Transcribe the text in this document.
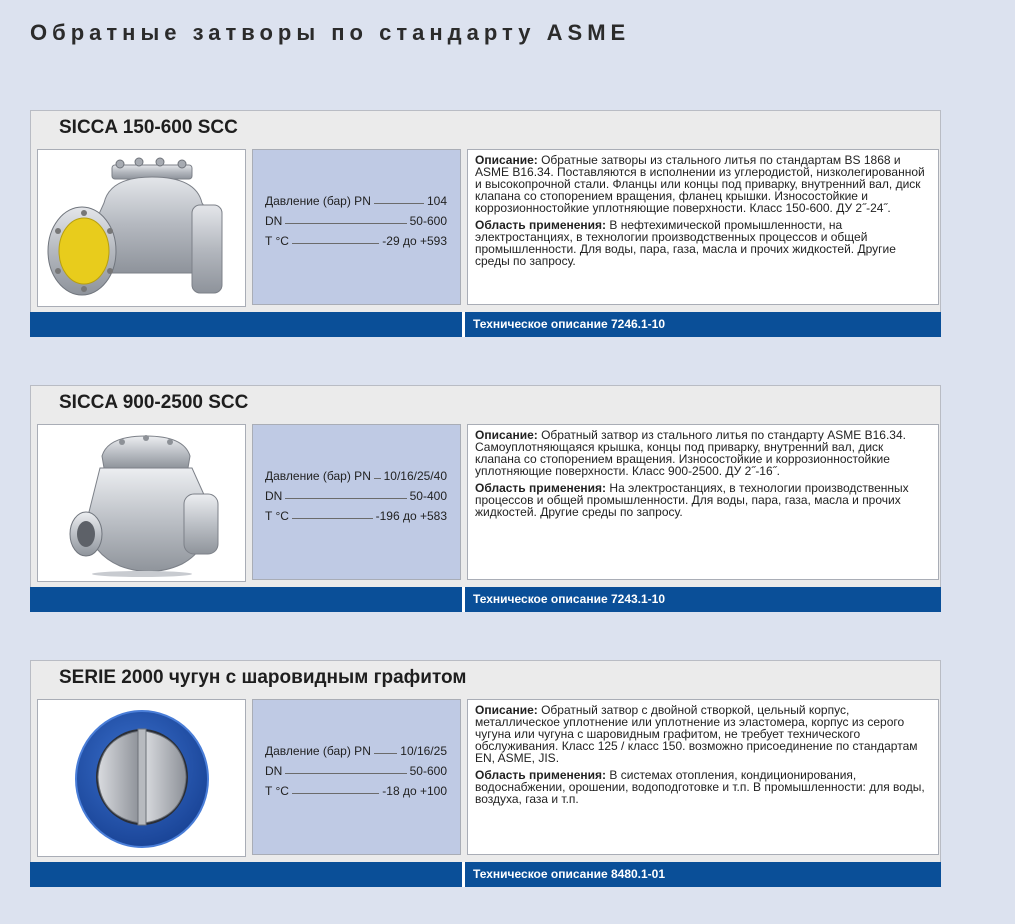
Обратные затворы по стандарту ASME
SICCA 150-600 SCC
Давление (бар) PN	104
DN	50-600
T °C	-29 до +593

Описание: Обратные затворы из стального литья по стандартам BS 1868 и ASME B16.34. Поставляются в исполнении из углеродистой, низколегированной и высокопрочной стали. Фланцы или концы под приварку, внутренний вал, диск клапана со стопорением вращения, фланец крышки. Износостойкие и коррозионностойкие уплотняющие поверхности. Класс 150-600. ДУ 2˝-24˝.

Область применения: В нефтехимической промышленности, на электростанциях, в технологии производственных процессов и общей промышленности. Для воды, пара, газа, масла и прочих жидкостей. Другие среды по запросу.

Техническое описание 7246.1-10
SICCA 900-2500 SCC
Давление (бар) PN 10/16/25/40
DN	50-400
T °C	-196 до +583

Описание: Обратный затвор из стального литья по стандарту ASME B16.34. Самоуплотняющаяся крышка, концы под приварку, внутренний вал, диск клапана со стопорением вращения. Износостойкие и коррозионностойкие уплотняющие поверхности. Класс 900-2500. ДУ 2˝-16˝.

Область применения: На электростанциях, в технологии производственных процессов и общей промышленности. Для воды, пара, газа, масла и прочих жидкостей. Другие среды по запросу.

Техническое описание 7243.1-10
SERIE 2000 чугун с шаровидным графитом
Давление (бар) PN 10/16/25
DN	50-600
T °C	-18 до +100

Описание: Обратный затвор с двойной створкой, цельный корпус, металлическое уплотнение или уплотнение из эластомера, корпус из серого чугуна или чугуна с шаровидным графитом, не требует технического обслуживания. Класс 125 / класс 150. возможно присоединение по стандартам EN, ASME, JIS.

Область применения: В системах отопления, кондиционирования, водоснабжении, орошении, водоподготовке и т.п. В промышленности: для воды, воздуха, газа и т.п.

Техническое описание 8480.1-01
